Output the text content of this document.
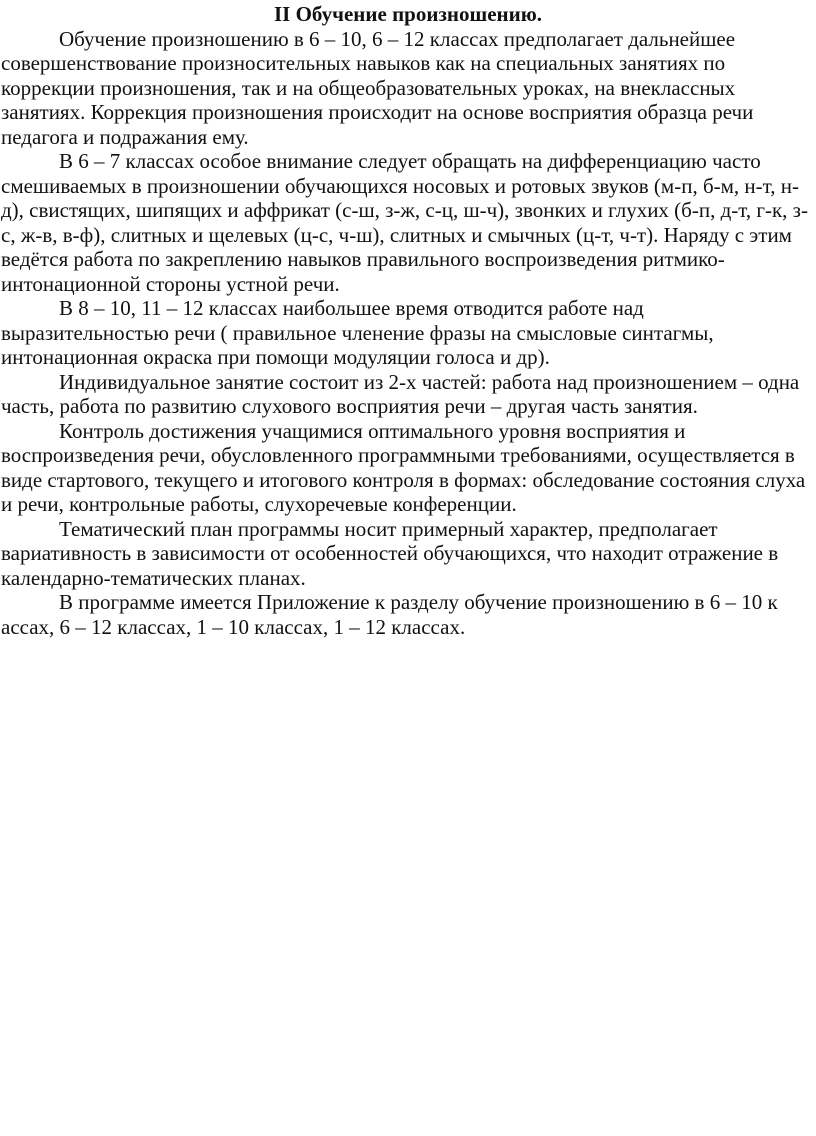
II Обучение произношению.

Обучение произношению в 6 – 10, 6 – 12 классах предполагает дальнейшее совершенствование произносительных навыков как на специальных занятиях по коррекции произношения, так и на общеобразовательных уроках, на внеклассных занятиях. Коррекция произношения происходит на основе восприятия образца речи педагога и подражания ему.

В 6 – 7 классах особое внимание следует обращать на дифференциацию часто смешиваемых в произношении обучающихся носовых и ротовых звуков (м-п, б-м, н-т, н-д), свистящих, шипящих и аффрикат (с-ш, з-ж, с-ц, ш-ч), звонких и глухих (б-п, д-т, г-к, з-с, ж-в, в-ф), слитных и щелевых (ц-с, ч-ш), слитных и смычных (ц-т, ч-т). Наряду с этим ведётся работа по закреплению навыков правильного воспроизведения ритмико-интонационной стороны устной речи.

В 8 – 10, 11 – 12 классах наибольшее время отводится работе над выразительностью речи ( правильное членение фразы на смысловые синтагмы, интонационная окраска при помощи модуляции голоса и др).

Индивидуальное занятие состоит из 2-х частей: работа над произношением – одна часть, работа по развитию слухового восприятия речи – другая часть занятия.

Контроль достижения учащимися оптимального уровня восприятия и воспроизведения речи, обусловленного программными требованиями, осуществляется в виде стартового, текущего и итогового контроля в формах: обследование состояния слуха и речи, контрольные работы, слухоречевые конференции.

Тематический план программы носит примерный характер, предполагает вариативность в зависимости от особенностей обучающихся, что находит отражение в календарно-тематических планах.

В программе имеется Приложение к разделу обучение произношению в 6 – 10 к ассах, 6 – 12 классах, 1 – 10 классах, 1 – 12 классах.
